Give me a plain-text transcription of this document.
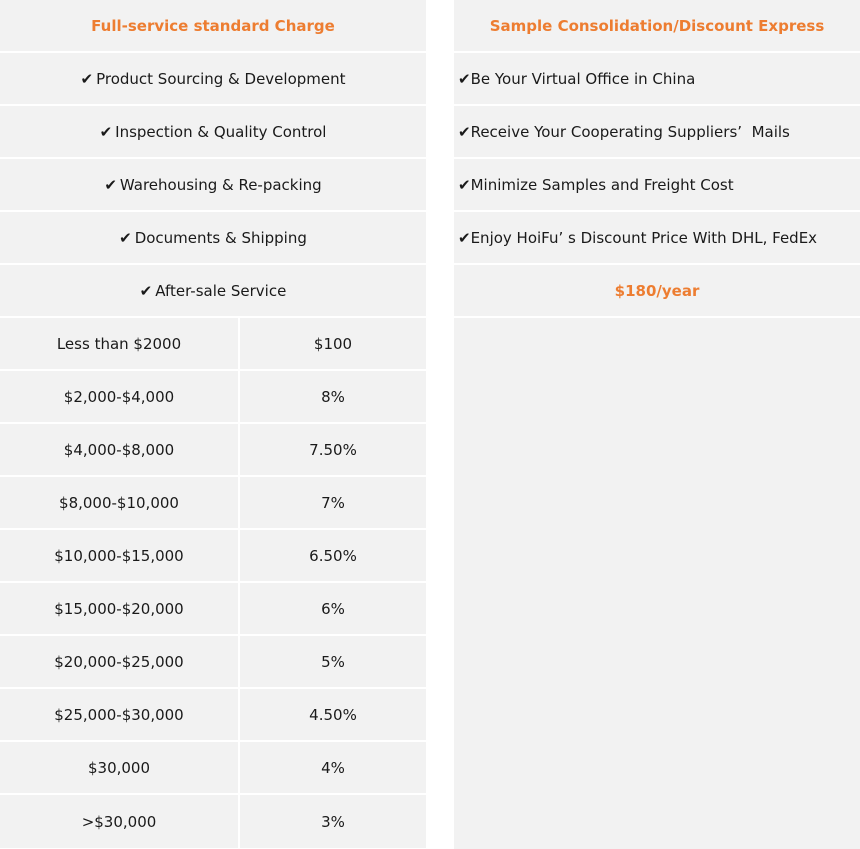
Full-service standard Charge
✔ Product Sourcing & Development
✔ Inspection & Quality Control
✔ Warehousing & Re-packing
✔ Documents & Shipping
✔ After-sale Service
Less than $2000	$100
$2,000-$4,000	8%
$4,000-$8,000	7.50%
$8,000-$10,000	7%
$10,000-$15,000	6.50%
$15,000-$20,000	6%
$20,000-$25,000	5%
$25,000-$30,000	4.50%
$30,000	4%
>$30,000	3%
Sample Consolidation/Discount Express
✔ Be Your Virtual Office in China
✔ Receive Your Cooperating Suppliers’  Mails
✔ Minimize Samples and Freight Cost
✔ Enjoy HoiFu’ s Discount Price With DHL, FedEx
$180/year
